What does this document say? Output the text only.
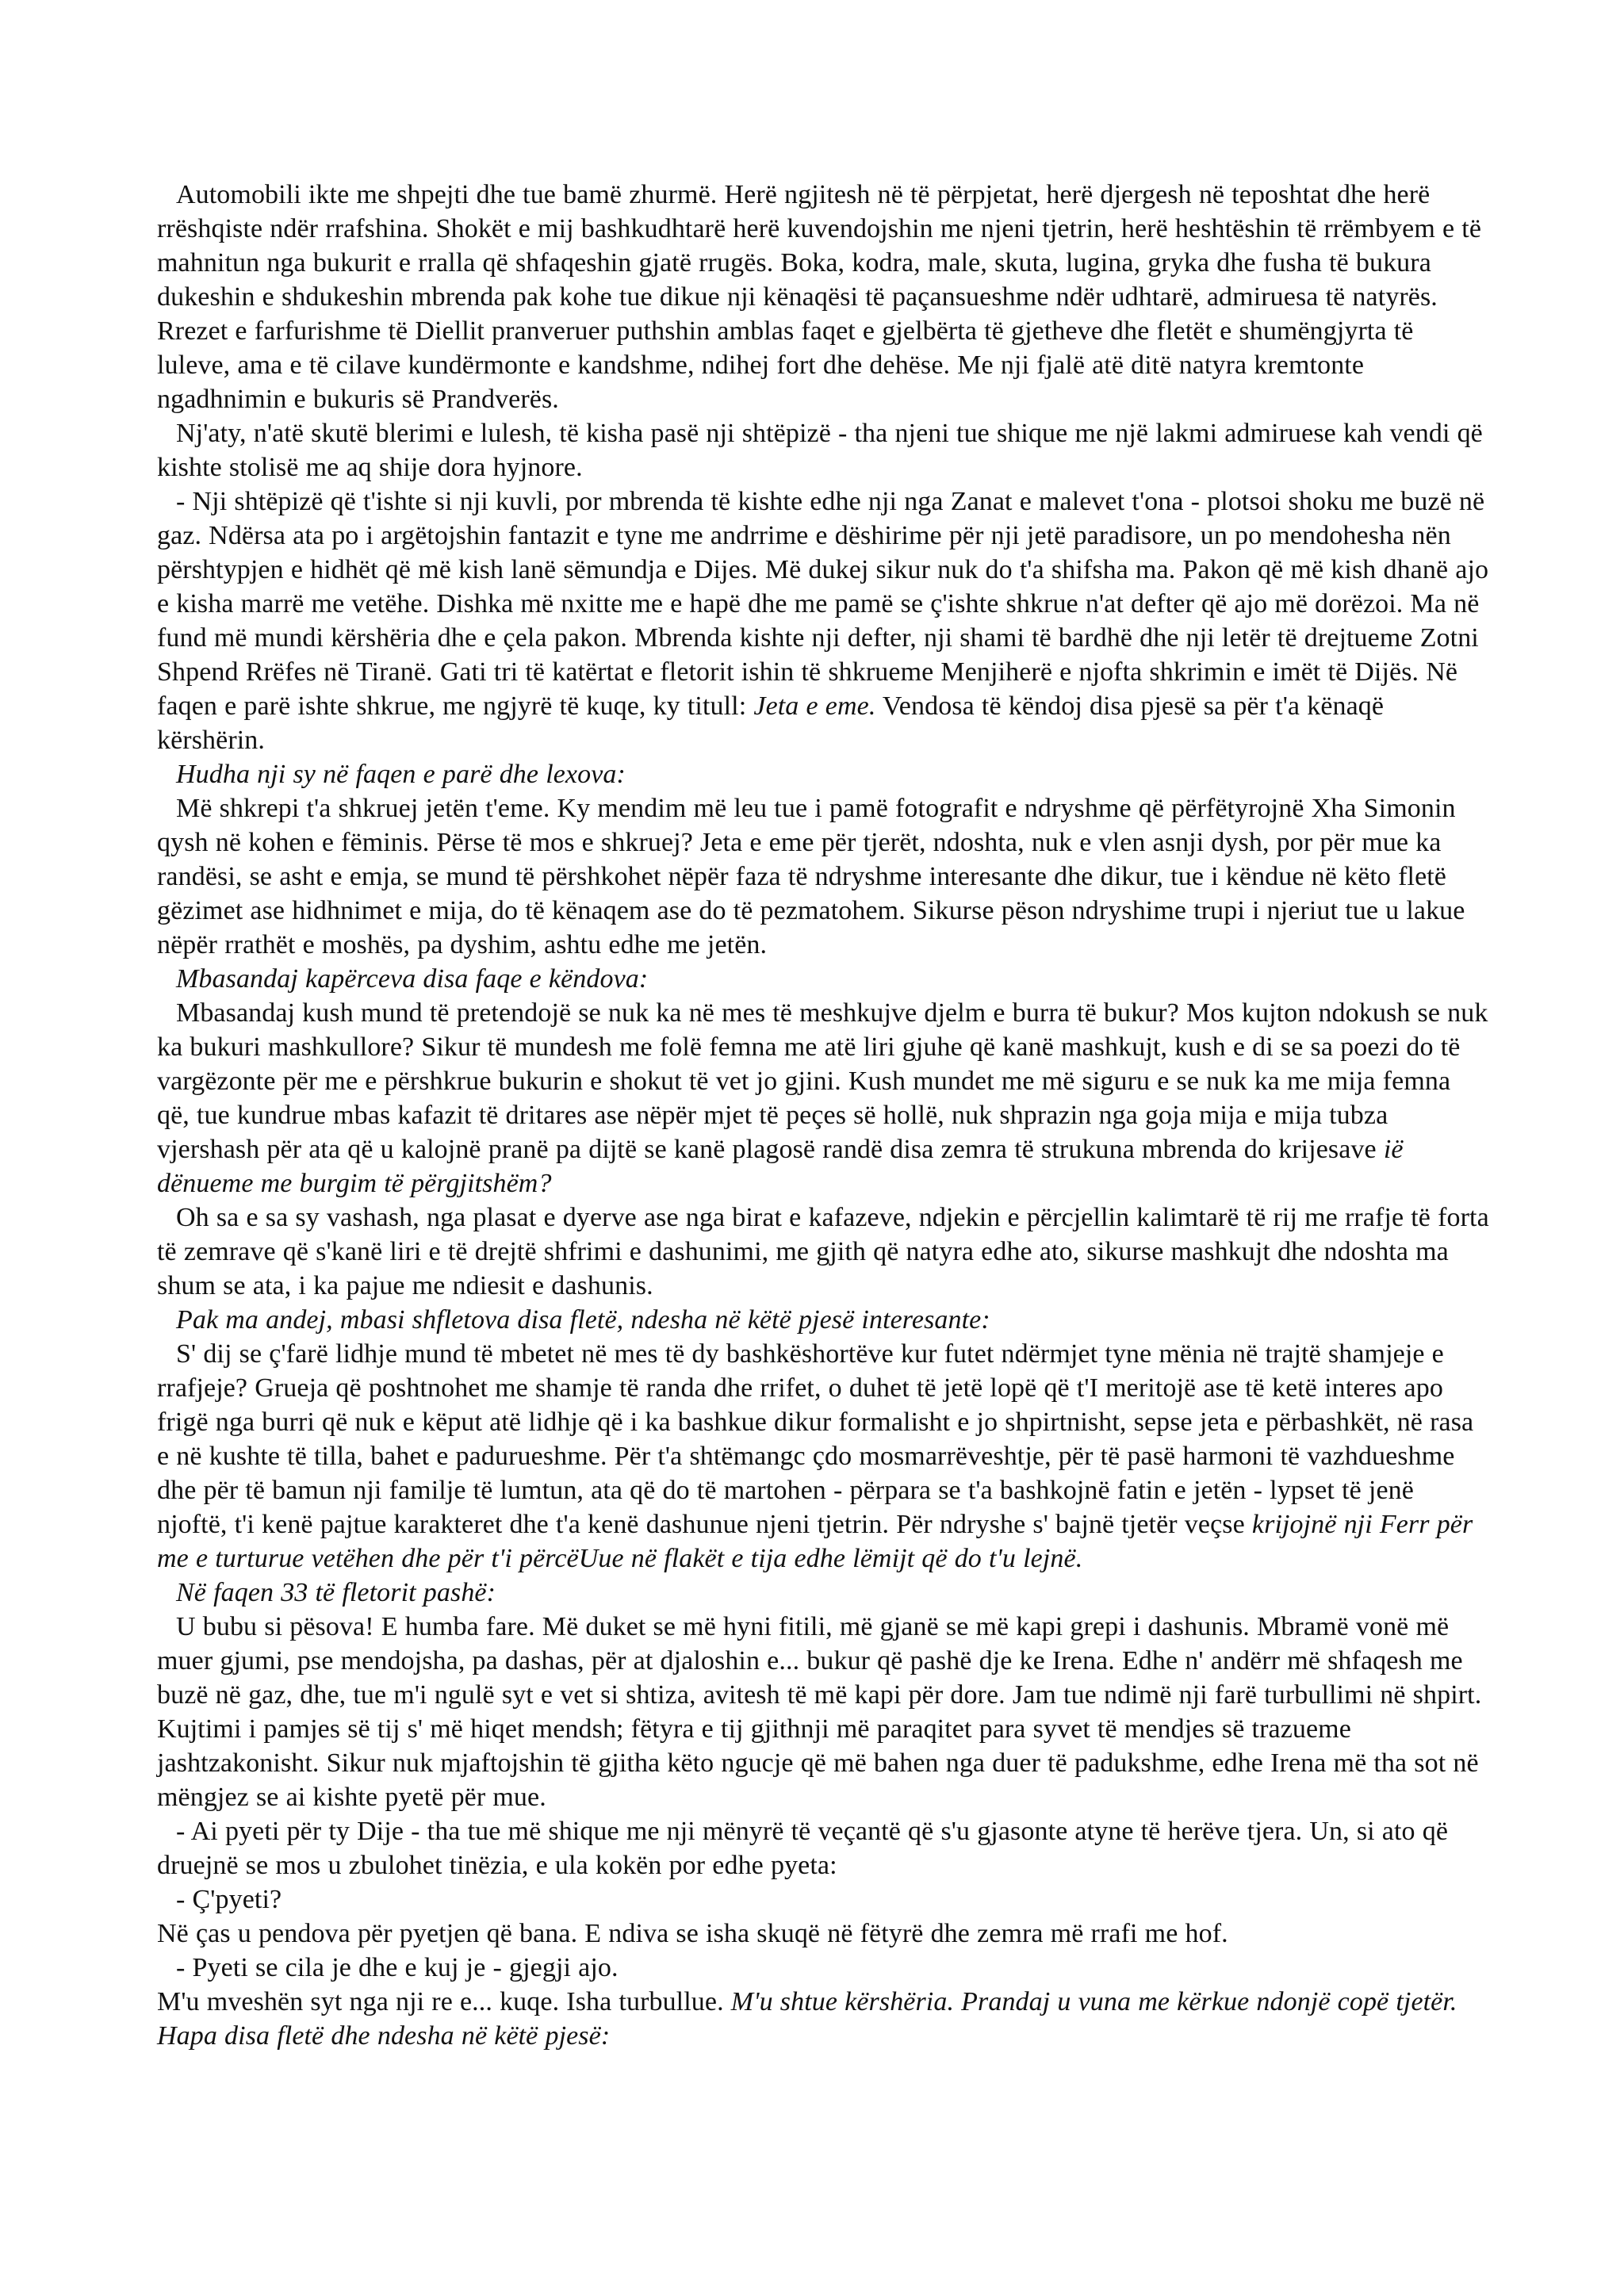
Automobili ikte me shpejti dhe tue bamë zhurmë. Herë ngjitesh në të përpjetat, herë djergesh në teposhtat dhe herë rrëshqiste ndër rrafshina. Shokët e mij bashkudhtarë herë kuvendojshin me njeni tjetrin, herë heshtëshin të rrëmbyem e të mahnitun nga bukurit e rralla që shfaqeshin gjatë rrugës. Boka, kodra, male, skuta, lugina, gryka dhe fusha të bukura dukeshin e shdukeshin mbrenda pak kohe tue dikue nji kënaqësi të paçansueshme ndër udhtarë, admiruesa të natyrës. Rrezet e farfurishme të Diellit pranveruer puthshin amblas faqet e gjelbërta të gjetheve dhe fletët e shumëngjyrta të luleve, ama e të cilave kundërmonte e kandshme, ndihej fort dhe dehëse. Me nji fjalë atë ditë natyra kremtonte ngadhnimin e bukuris së Prandverës.

Nj'aty, n'atë skutë blerimi e lulesh, të kisha pasë nji shtëpizë - tha njeni tue shique me një lakmi admiruese kah vendi që kishte stolisë me aq shije dora hyjnore.

- Nji shtëpizë që t'ishte si nji kuvli, por mbrenda të kishte edhe nji nga Zanat e malevet t'ona - plotsoi shoku me buzë në gaz. Ndërsa ata po i argëtojshin fantazit e tyne me andrrime e dëshirime për nji jetë paradisore, un po mendohesha nën përshtypjen e hidhët që më kish lanë sëmundja e Dijes. Më dukej sikur nuk do t'a shifsha ma. Pakon që më kish dhanë ajo e kisha marrë me vetëhe. Dishka më nxitte me e hapë dhe me pamë se ç'ishte shkrue n'at defter që ajo më dorëzoi. Ma në fund më mundi kërshëria dhe e çela pakon. Mbrenda kishte nji defter, nji shami të bardhë dhe nji letër të drejtueme Zotni Shpend Rrëfes në Tiranë. Gati tri të katërtat e fletorit ishin të shkrueme Menjiherë e njofta shkrimin e imët të Dijës. Në faqen e parë ishte shkrue, me ngjyrë të kuqe, ky titull: Jeta e eme. Vendosa të këndoj disa pjesë sa për t'a kënaqë kërshërin.

Hudha nji sy në faqen e parë dhe lexova:

Më shkrepi t'a shkruej jetën t'eme. Ky mendim më leu tue i pamë fotografit e ndryshme që përfëtyrojnë Xha Simonin qysh në kohen e fëminis. Përse të mos e shkruej? Jeta e eme për tjerët, ndoshta, nuk e vlen asnji dysh, por për mue ka randësi, se asht e emja, se mund të përshkohet nëpër faza të ndryshme interesante dhe dikur, tue i këndue në këto fletë gëzimet ase hidhnimet e mija, do të kënaqem ase do të pezmatohem. Sikurse pëson ndryshime trupi i njeriut tue u lakue nëpër rrathët e moshës, pa dyshim, ashtu edhe me jetën.

Mbasandaj kapërceva disa faqe e këndova:

Mbasandaj kush mund të pretendojë se nuk ka në mes të meshkujve djelm e burra të bukur? Mos kujton ndokush se nuk ka bukuri mashkullore? Sikur të mundesh me folë femna me atë liri gjuhe që kanë mashkujt, kush e di se sa poezi do të vargëzonte për me e përshkrue bukurin e shokut të vet jo gjini. Kush mundet me më siguru e se nuk ka me mija femna që, tue kundrue mbas kafazit të dritares ase nëpër mjet të peçes së hollë, nuk shprazin nga goja mija e mija tubza vjershash për ata që u kalojnë pranë pa dijtë se kanë plagosë randë disa zemra të strukuna mbrenda do krijesave ië dënueme me burgim të përgjitshëm?

Oh sa e sa sy vashash, nga plasat e dyerve ase nga birat e kafazeve, ndjekin e përcjellin kalimtarë të rij me rrafje të forta të zemrave që s'kanë liri e të drejtë shfrimi e dashunimi, me gjith që natyra edhe ato, sikurse mashkujt dhe ndoshta ma shum se ata, i ka pajue me ndiesit e dashunis.

Pak ma andej, mbasi shfletova disa fletë, ndesha në këtë pjesë interesante:

S' dij se ç'farë lidhje mund të mbetet në mes të dy bashkëshortëve kur futet ndërmjet tyne mënia në trajtë shamjeje e rrafjeje? Grueja që poshtnohet me shamje të randa dhe rrifet, o duhet të jetë lopë që t'I meritojë ase të ketë interes apo frigë nga burri që nuk e këput atë lidhje që i ka bashkue dikur formalisht e jo shpirtnisht, sepse jeta e përbashkët, në rasa e në kushte të tilla, bahet e paduruеshme. Për t'a shtëmangc çdo mosmarrëveshtje, për të pasë harmoni të vazhdueshme dhe për të bamun nji familje të lumtun, ata që do të martohen - përpara se t'a bashkojnë fatin e jetën - lypset të jenë njoftë, t'i kenë pajtue karakteret dhe t'a kenë dashunue njeni tjetrin. Për ndryshe s' bajnë tjetër veçse krijojnë nji Ferr për me e turturue vetëhen dhe për t'i përcëUue në flakët e tija edhe lëmijt që do t'u lejnë.

Në faqen 33 të fletorit pashë:

U bubu si pësova! E humba fare. Më duket se më hyni fitili, më gjanë se më kapi grepi i dashunis. Mbramë vonë më muer gjumi, pse mendojsha, pa dashas, për at djaloshin e... bukur që pashë dje ke Irena. Edhe n' andërr më shfaqesh me buzë në gaz, dhe, tue m'i ngulë syt e vet si shtiza, avitesh të më kapi për dore. Jam tue ndimë nji farë turbullimi në shpirt. Kujtimi i pamjes së tij s' më hiqet mendsh; fëtyra e tij gjithnji më paraqitet para syvet të mendjes së trazueme jashtzakonisht. Sikur nuk mjaftojshin të gjitha këto ngucje që më bahen nga duer të padukshme, edhe Irena më tha sot në mëngjez se ai kishte pyetë për mue.

- Ai pyeti për ty Dije - tha tue më shique me nji mënyrë të veçantë që s'u gjasonte atyne të herëve tjera. Un, si ato që druejnë se mos u zbulohet tinëzia, e ula kokën por edhe pyeta:

- Ç'pyeti?

Në ças u pendova për pyetjen që bana. E ndiva se isha skuqë në fëtyrë dhe zemra më rrafi me hof.

- Pyeti se cila je dhe e kuj je - gjegji ajo.

M'u mveshën syt nga nji re e... kuqe. Isha turbullue. M'u shtue kërshëria. Prandaj u vuna me kërkue ndonjë copë tjetër. Hapa disa fletë dhe ndesha në këtë pjesë:
